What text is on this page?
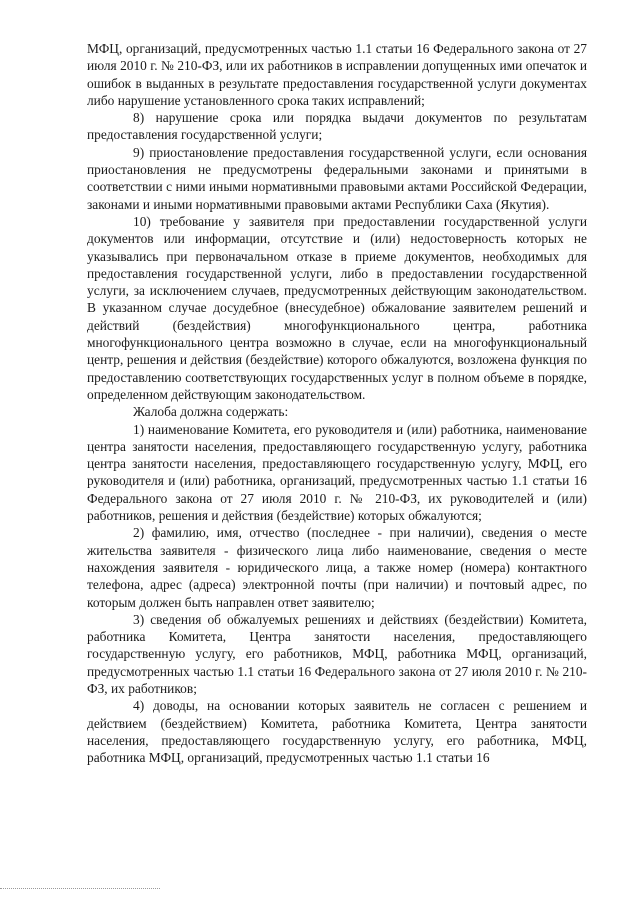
МФЦ, организаций, предусмотренных частью 1.1 статьи 16 Федерального закона от 27 июля 2010 г. № 210-ФЗ, или их работников в исправлении допущенных ими опечаток и ошибок в выданных в результате предоставления государственной услуги документах либо нарушение установленного срока таких исправлений;

8) нарушение срока или порядка выдачи документов по результатам предоставления государственной услуги;

9) приостановление предоставления государственной услуги, если основания приостановления не предусмотрены федеральными законами и принятыми в соответствии с ними иными нормативными правовыми актами Российской Федерации, законами и иными нормативными правовыми актами Республики Саха (Якутия).

10) требование у заявителя при предоставлении государственной услуги документов или информации, отсутствие и (или) недостоверность которых не указывались при первоначальном отказе в приеме документов, необходимых для предоставления государственной услуги, либо в предоставлении государственной услуги, за исключением случаев, предусмотренных действующим законодательством. В указанном случае досудебное (внесудебное) обжалование заявителем решений и действий (бездействия) многофункционального центра, работника многофункционального центра возможно в случае, если на многофункциональный центр, решения и действия (бездействие) которого обжалуются, возложена функция по предоставлению соответствующих государственных услуг в полном объеме в порядке, определенном действующим законодательством.

Жалоба должна содержать:

1) наименование Комитета, его руководителя и (или) работника, наименование центра занятости населения, предоставляющего государственную услугу, работника центра занятости населения, предоставляющего государственную услугу, МФЦ, его руководителя и (или) работника, организаций, предусмотренных частью 1.1 статьи 16 Федерального закона от 27 июля 2010 г. № 210-ФЗ, их руководителей и (или) работников, решения и действия (бездействие) которых обжалуются;

2) фамилию, имя, отчество (последнее - при наличии), сведения о месте жительства заявителя - физического лица либо наименование, сведения о месте нахождения заявителя - юридического лица, а также номер (номера) контактного телефона, адрес (адреса) электронной почты (при наличии) и почтовый адрес, по которым должен быть направлен ответ заявителю;

3) сведения об обжалуемых решениях и действиях (бездействии) Комитета, работника Комитета, Центра занятости населения, предоставляющего государственную услугу, его работников, МФЦ, работника МФЦ, организаций, предусмотренных частью 1.1 статьи 16 Федерального закона от 27 июля 2010 г. № 210-ФЗ, их работников;

4) доводы, на основании которых заявитель не согласен с решением и действием (бездействием) Комитета, работника Комитета, Центра занятости населения, предоставляющего государственную услугу, его работника, МФЦ, работника МФЦ, организаций, предусмотренных частью 1.1 статьи 16
